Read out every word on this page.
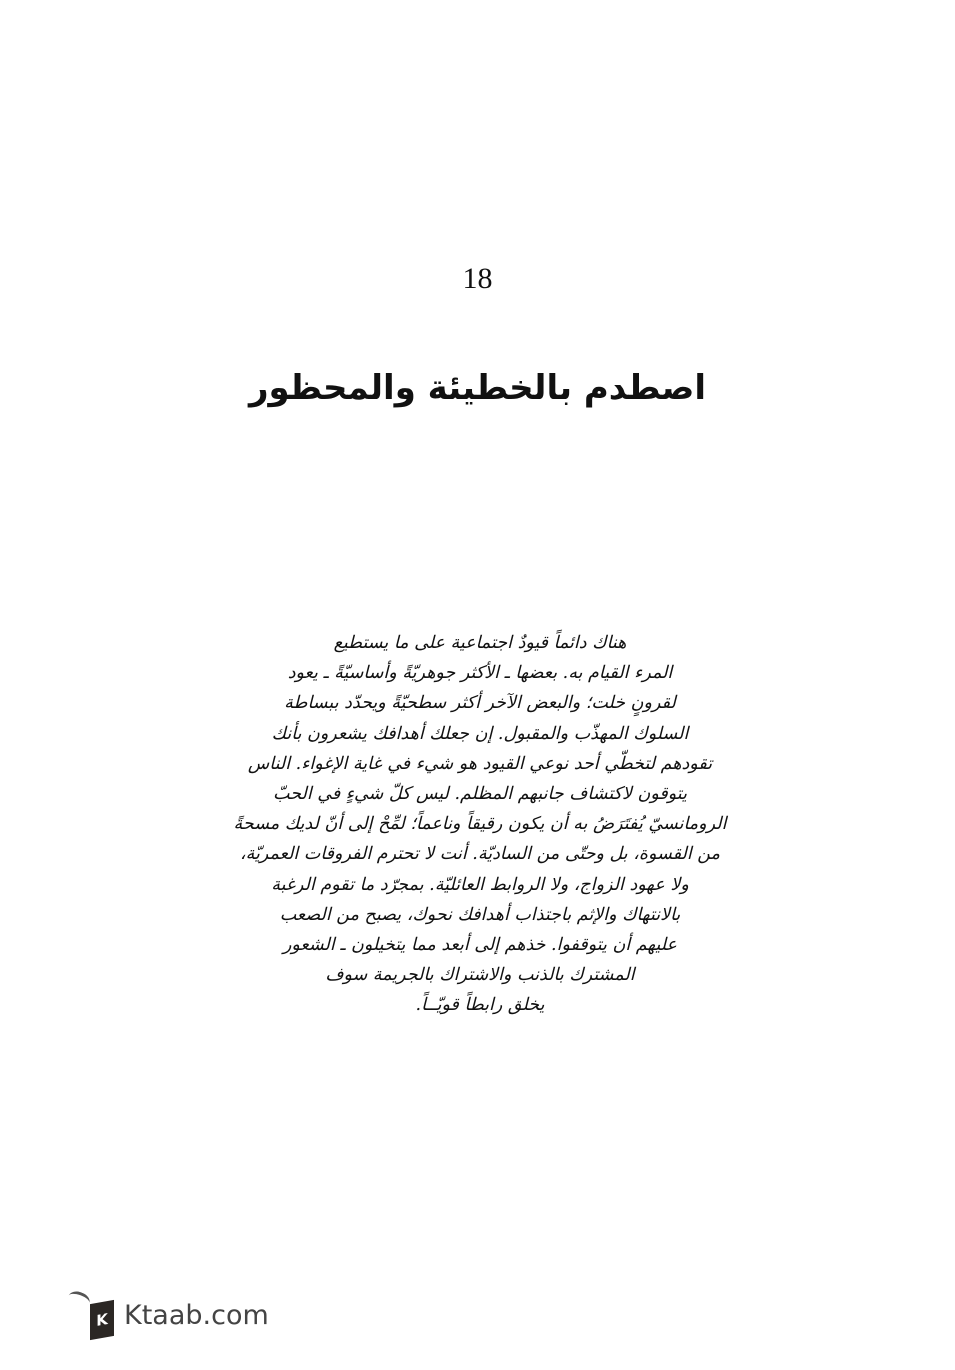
18
اصطدم بالخطيئة والمحظور
هناك دائماً قيودٌ اجتماعية على ما يستطيع
المرء القيام به. بعضها ـ الأكثر جوهريّةً وأساسيّةً ـ يعود
لقرونٍ خلت؛ والبعض الآخر أكثر سطحيّةً ويحدّد ببساطة
السلوك المهذّب والمقبول. إن جعلك أهدافك يشعرون بأنك
تقودهم لتخطّي أحد نوعي القيود هو شيء في غاية الإغواء. الناس
يتوقون لاكتشاف جانبهم المظلم. ليس كلّ شيءٍ في الحبّ
الرومانسيّ يُفتَرَضُ به أن يكون رقيقاً وناعماً؛ لمِّحْ إلى أنّ لديك مسحةً
من القسوة، بل وحتّى من الساديّة. أنت لا تحترم الفروقات العمريّة،
ولا عهود الزواج، ولا الروابط العائليّة. بمجرّد ما تقوم الرغبة
بالانتهاك والإثم باجتذاب أهدافك نحوك، يصبح من الصعب
عليهم أن يتوقفوا. خذهم إلى أبعد مما يتخيلون ـ الشعور
المشترك بالذنب والاشتراك بالجريمة سوف
يخلق رابطاً قويّــاً.
K Ktaab.com
